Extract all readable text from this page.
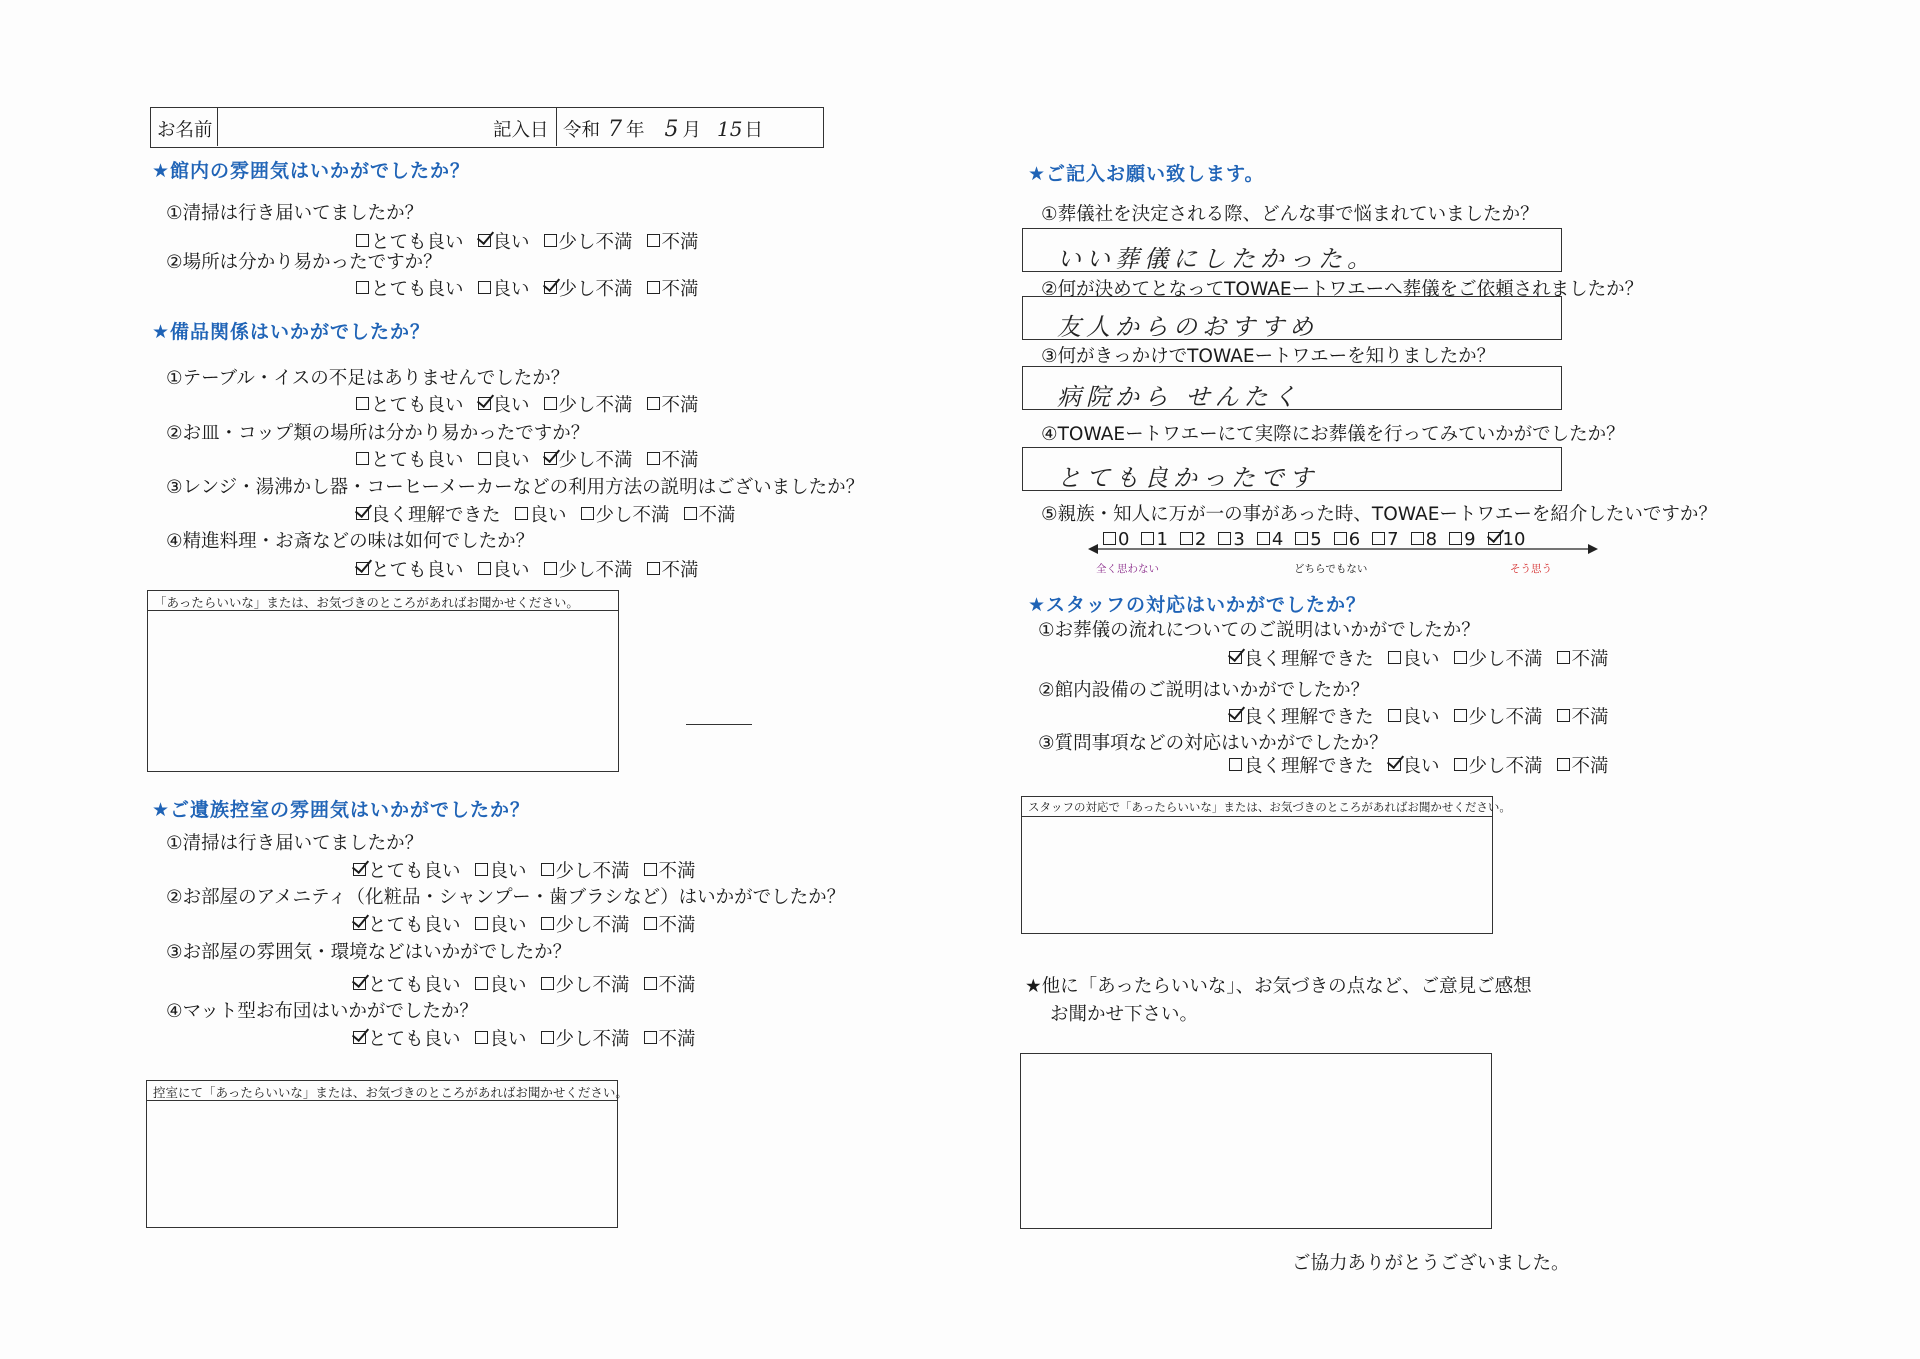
お名前	記入日 令和 7 年 5 月 15 日
★館内の雰囲気はいかがでしたか？
①清掃は行き届いてましたか？
とても良い 良い 少し不満 不満
②場所は分かり易かったですか？
とても良い 良い 少し不満 不満
★備品関係はいかがでしたか？
①テーブル・イスの不足はありませんでしたか？
とても良い 良い 少し不満 不満
②お皿・コップ類の場所は分かり易かったですか？
とても良い 良い 少し不満 不満
③レンジ・湯沸かし器・コーヒーメーカーなどの利用方法の説明はございましたか？
良く理解できた 良い 少し不満 不満
④精進料理・お斎などの味は如何でしたか？
とても良い 良い 少し不満 不満
「あったらいいな」または、お気づきのところがあればお聞かせください。
★ご遺族控室の雰囲気はいかがでしたか？
①清掃は行き届いてましたか？
とても良い 良い 少し不満 不満
②お部屋のアメニティ（化粧品・シャンプー・歯ブラシなど）はいかがでしたか？
とても良い 良い 少し不満 不満
③お部屋の雰囲気・環境などはいかがでしたか？
とても良い 良い 少し不満 不満
④マット型お布団はいかがでしたか？
とても良い 良い 少し不満 不満
控室にて「あったらいいな」または、お気づきのところがあればお聞かせください。
★ご記入お願い致します。
①葬儀社を決定される際、どんな事で悩まれていましたか？
いい葬儀にしたかった。
②何が決めてとなってTOWAEートワエーへ葬儀をご依頼されましたか？
友人からのおすすめ
③何がきっかけでTOWAEートワエーを知りましたか？
病院から せんたく
④TOWAEートワエーにて実際にお葬儀を行ってみていかがでしたか？
とても良かったです
⑤親族・知人に万が一の事があった時、TOWAEートワエーを紹介したいですか？
0 1 2 3 4 5 6 7 8 9 10
全く思わない	どちらでもない	そう思う
★スタッフの対応はいかがでしたか？
①お葬儀の流れについてのご説明はいかがでしたか？
良く理解できた 良い 少し不満 不満
②館内設備のご説明はいかがでしたか？
良く理解できた 良い 少し不満 不満
③質問事項などの対応はいかがでしたか？
良く理解できた 良い 少し不満 不満
スタッフの対応で「あったらいいな」または、お気づきのところがあればお聞かせください。
★他に「あったらいいな」、お気づきの点など、ご意見ご感想
お聞かせ下さい。
ご協力ありがとうございました。
